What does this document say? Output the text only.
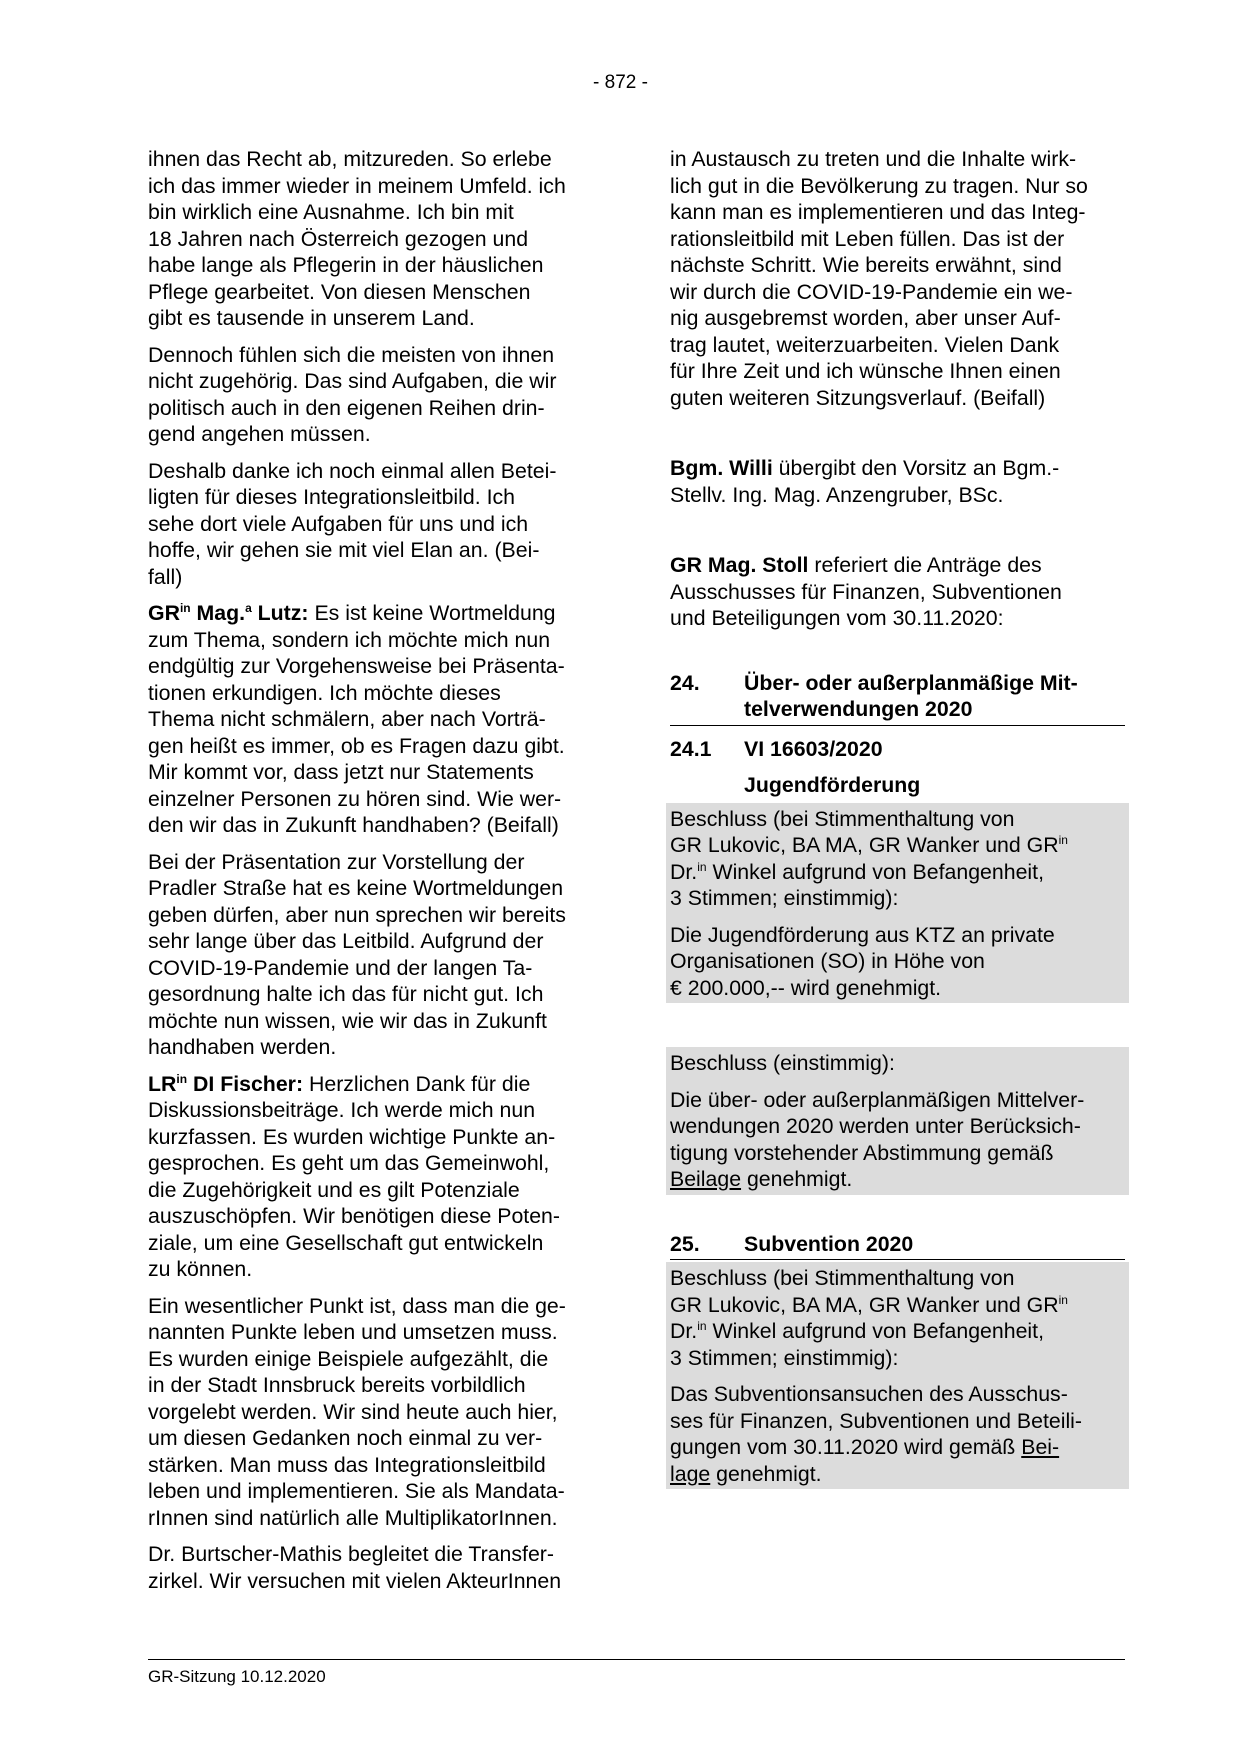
- 872 -

ihnen das Recht ab, mitzureden. So erlebe
ich das immer wieder in meinem Umfeld. ich
bin wirklich eine Ausnahme. Ich bin mit
18 Jahren nach Österreich gezogen und
habe lange als Pflegerin in der häuslichen
Pflege gearbeitet. Von diesen Menschen
gibt es tausende in unserem Land.

Dennoch fühlen sich die meisten von ihnen
nicht zugehörig. Das sind Aufgaben, die wir
politisch auch in den eigenen Reihen drin-
gend angehen müssen.

Deshalb danke ich noch einmal allen Betei-
ligten für dieses Integrationsleitbild. Ich
sehe dort viele Aufgaben für uns und ich
hoffe, wir gehen sie mit viel Elan an. (Bei-
fall)

$GR^{in}$ Mag.$^a$ Lutz: Es ist keine Wortmeldung
zum Thema, sondern ich möchte mich nun
endgültig zur Vorgehensweise bei Präsenta-
tionen erkundigen. Ich möchte dieses
Thema nicht schmälern, aber nach Vorträ-
gen heißt es immer, ob es Fragen dazu gibt.
Mir kommt vor, dass jetzt nur Statements
einzelner Personen zu hören sind. Wie wer-
den wir das in Zukunft handhaben? (Beifall)

Bei der Präsentation zur Vorstellung der
Pradler Straße hat es keine Wortmeldungen
geben dürfen, aber nun sprechen wir bereits
sehr lange über das Leitbild. Aufgrund der
COVID-19-Pandemie und der langen Ta-
gesordnung halte ich das für nicht gut. Ich
möchte nun wissen, wie wir das in Zukunft
handhaben werden.

$LR^{in}$ DI Fischer: Herzlichen Dank für die
Diskussionsbeiträge. Ich werde mich nun
kurzfassen. Es wurden wichtige Punkte an-
gesprochen. Es geht um das Gemeinwohl,
die Zugehörigkeit und es gilt Potenziale
auszuschöpfen. Wir benötigen diese Poten-
ziale, um eine Gesellschaft gut entwickeln
zu können.

Ein wesentlicher Punkt ist, dass man die ge-
nannten Punkte leben und umsetzen muss.
Es wurden einige Beispiele aufgezählt, die
in der Stadt Innsbruck bereits vorbildlich
vorgelebt werden. Wir sind heute auch hier,
um diesen Gedanken noch einmal zu ver-
stärken. Man muss das Integrationsleitbild
leben und implementieren. Sie als Mandata-
rInnen sind natürlich alle MultiplikatorInnen.

Dr. Burtscher-Mathis begleitet die Transfer-
zirkel. Wir versuchen mit vielen AkteurInnen

in Austausch zu treten und die Inhalte wirk-
lich gut in die Bevölkerung zu tragen. Nur so
kann man es implementieren und das Integ-
rationsleitbild mit Leben füllen. Das ist der
nächste Schritt. Wie bereits erwähnt, sind
wir durch die COVID-19-Pandemie ein we-
nig ausgebremst worden, aber unser Auf-
trag lautet, weiterzuarbeiten. Vielen Dank
für Ihre Zeit und ich wünsche Ihnen einen
guten weiteren Sitzungsverlauf. (Beifall)

Bgm. Willi übergibt den Vorsitz an Bgm.-
Stellv. Ing. Mag. Anzengruber, BSc.

GR Mag. Stoll referiert die Anträge des
Ausschusses für Finanzen, Subventionen
und Beteiligungen vom 30.11.2020:

24.	Über- oder außerplanmäßige Mit-
telverwendungen 2020
24.1	VI 16603/2020
Jugendförderung

Beschluss (bei Stimmenthaltung von
GR Lukovic, BA MA, GR Wanker und $GR^{in}$
Dr.$^{in}$ Winkel aufgrund von Befangenheit,
3 Stimmen; einstimmig):

Die Jugendförderung aus KTZ an private
Organisationen (SO) in Höhe von
€ 200.000,-- wird genehmigt.

Beschluss (einstimmig):

Die über- oder außerplanmäßigen Mittelver-
wendungen 2020 werden unter Berücksich-
tigung vorstehender Abstimmung gemäß
Beilage genehmigt.

25.	Subvention 2020

Beschluss (bei Stimmenthaltung von
GR Lukovic, BA MA, GR Wanker und $GR^{in}$
Dr.$^{in}$ Winkel aufgrund von Befangenheit,
3 Stimmen; einstimmig):

Das Subventionsansuchen des Ausschus-
ses für Finanzen, Subventionen und Beteili-
gungen vom 30.11.2020 wird gemäß Bei-
lage genehmigt.

GR-Sitzung 10.12.2020
